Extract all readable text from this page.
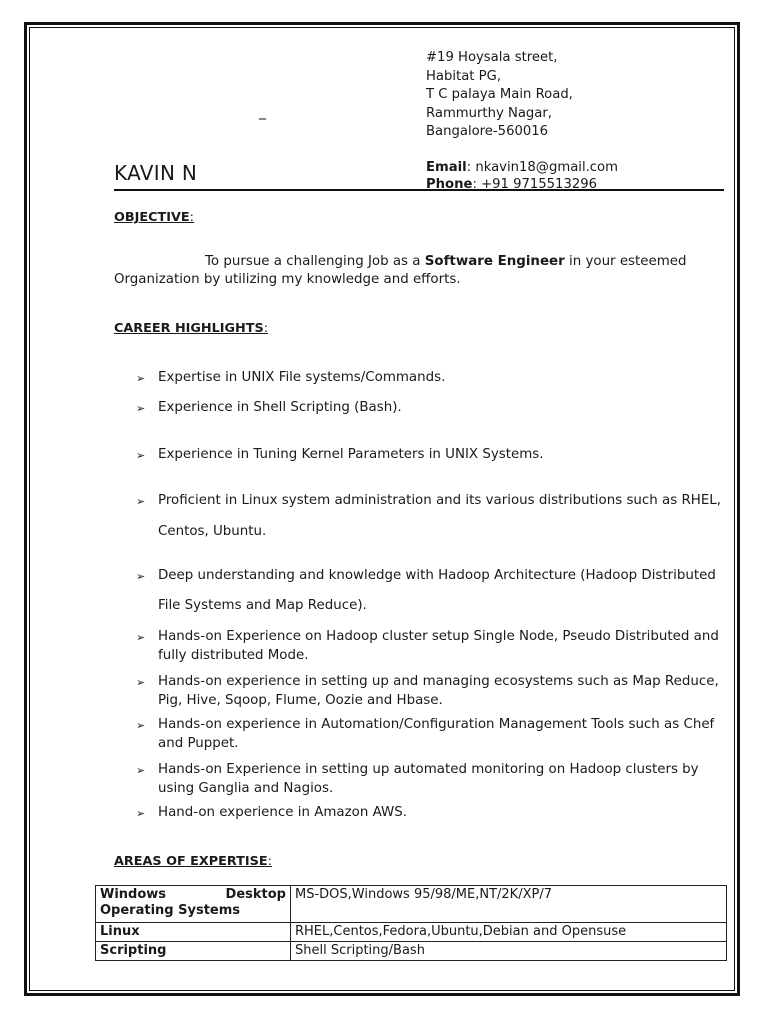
#19 Hoysala street,
Habitat PG,
T C palaya Main Road,
Rammurthy Nagar,
Bangalore-560016
_
KAVIN N	Email: nkavin18@gmail.com
Phone: +91 9715513296
OBJECTIVE:
To pursue a challenging Job as a Software Engineer in your esteemed
Organization by utilizing my knowledge and efforts.
CAREER HIGHLIGHTS:
➢ Expertise in UNIX File systems/Commands.
➢ Experience in Shell Scripting (Bash).
➢ Experience in Tuning Kernel Parameters in UNIX Systems.
➢ Proficient in Linux system administration and its various distributions such as RHEL,
Centos, Ubuntu.
➢ Deep understanding and knowledge with Hadoop Architecture (Hadoop Distributed
File Systems and Map Reduce).
➢ Hands-on Experience on Hadoop cluster setup Single Node, Pseudo Distributed and
fully distributed Mode.
➢ Hands-on experience in setting up and managing ecosystems such as Map Reduce,
Pig, Hive, Sqoop, Flume, Oozie and Hbase.
➢ Hands-on experience in Automation/Configuration Management Tools such as Chef
and Puppet.
➢ Hands-on Experience in setting up automated monitoring on Hadoop clusters by
using Ganglia and Nagios.
➢ Hand-on experience in Amazon AWS.
AREAS OF EXPERTISE:
Windows Desktop
Operating Systems	MS-DOS,Windows 95/98/ME,NT/2K/XP/7
Linux	RHEL,Centos,Fedora,Ubuntu,Debian and Opensuse
Scripting	Shell Scripting/Bash
